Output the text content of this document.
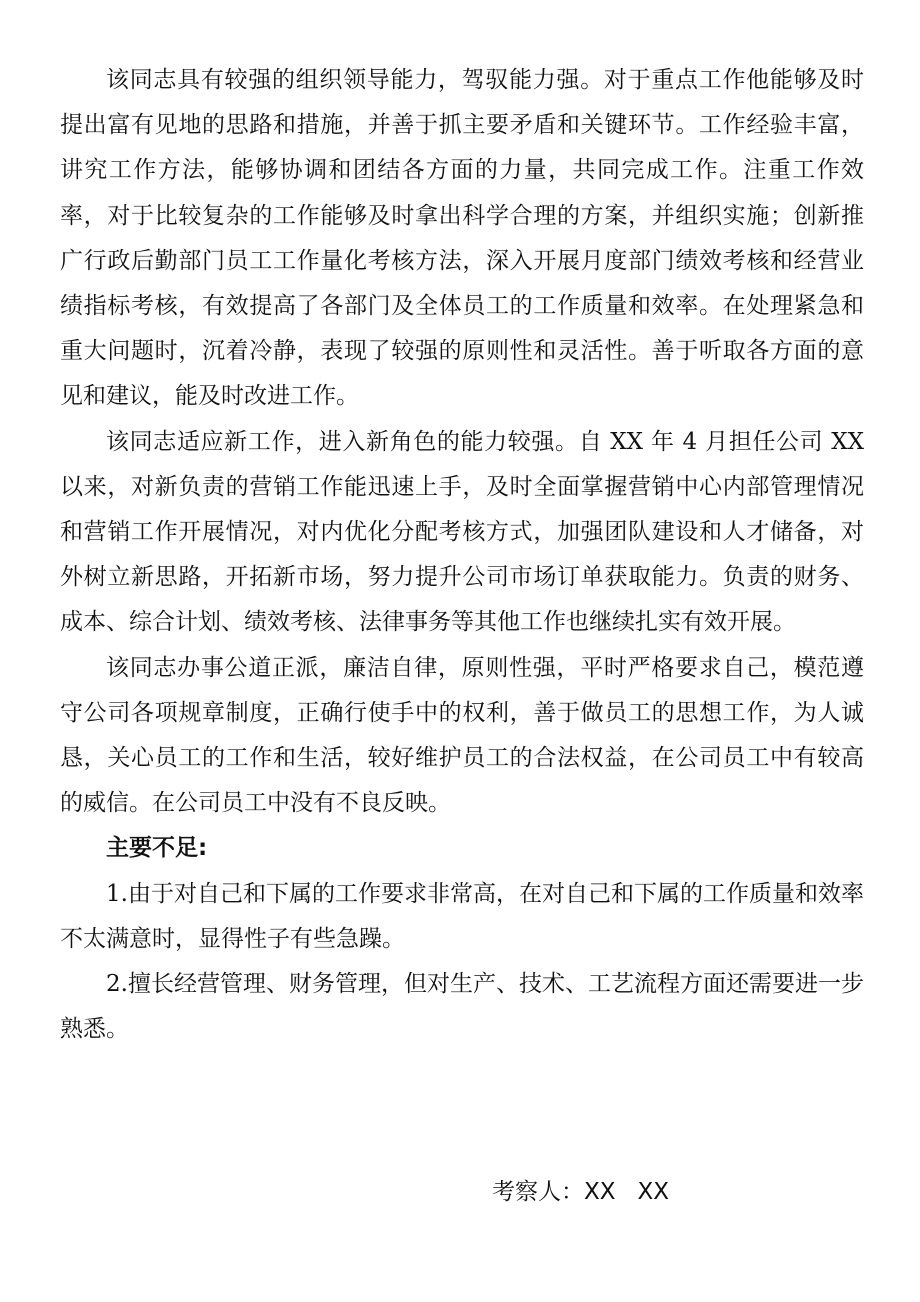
该同志具有较强的组织领导能力，驾驭能力强。对于重点工作他能够及时提出富有见地的思路和措施，并善于抓主要矛盾和关键环节。工作经验丰富，讲究工作方法，能够协调和团结各方面的力量，共同完成工作。注重工作效率，对于比较复杂的工作能够及时拿出科学合理的方案，并组织实施；创新推广行政后勤部门员工工作量化考核方法，深入开展月度部门绩效考核和经营业绩指标考核，有效提高了各部门及全体员工的工作质量和效率。在处理紧急和重大问题时，沉着冷静，表现了较强的原则性和灵活性。善于听取各方面的意见和建议，能及时改进工作。

该同志适应新工作，进入新角色的能力较强。自 XX 年 4 月担任公司 XX 以来，对新负责的营销工作能迅速上手，及时全面掌握营销中心内部管理情况和营销工作开展情况，对内优化分配考核方式，加强团队建设和人才储备，对外树立新思路，开拓新市场，努力提升公司市场订单获取能力。负责的财务、成本、综合计划、绩效考核、法律事务等其他工作也继续扎实有效开展。

该同志办事公道正派，廉洁自律，原则性强，平时严格要求自己，模范遵守公司各项规章制度，正确行使手中的权利，善于做员工的思想工作，为人诚恳，关心员工的工作和生活，较好维护员工的合法权益，在公司员工中有较高的威信。在公司员工中没有不良反映。

主要不足:

1.由于对自己和下属的工作要求非常高，在对自己和下属的工作质量和效率不太满意时，显得性子有些急躁。

2.擅长经营管理、财务管理，但对生产、技术、工艺流程方面还需要进一步熟悉。

考察人：XX   XX
